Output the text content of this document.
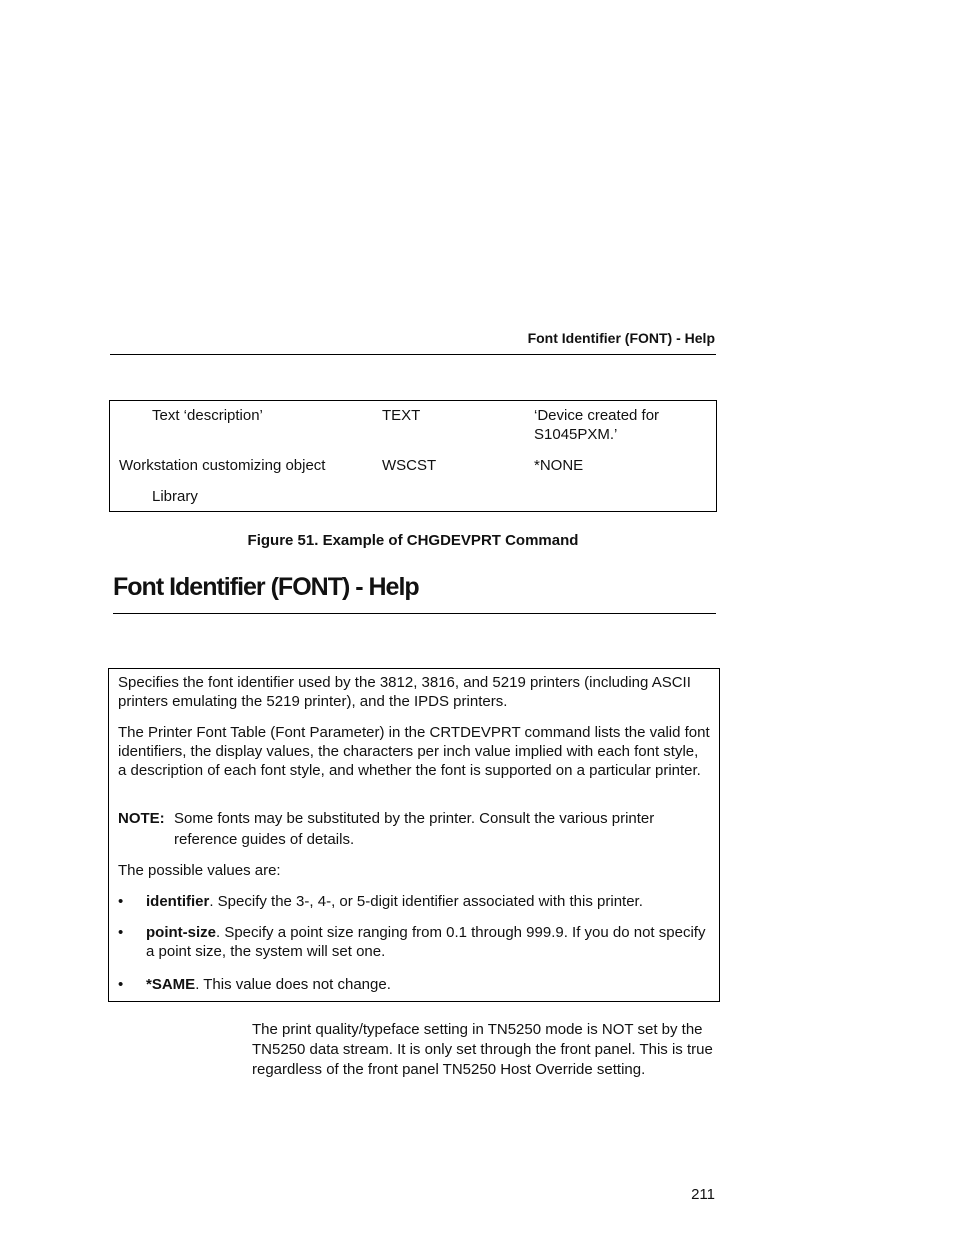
Font Identifier (FONT) - Help
Text ‘description’	TEXT	‘Device created for S1045PXM.’
Workstation customizing object	WSCST	*NONE
Library
Figure 51. Example of CHGDEVPRT Command
Font Identifier (FONT) - Help
Specifies the font identifier used by the 3812, 3816, and 5219 printers (including ASCII printers emulating the 5219 printer), and the IPDS printers.
The Printer Font Table (Font Parameter) in the CRTDEVPRT command lists the valid font identifiers, the display values, the characters per inch value implied with each font style, a description of each font style, and whether the font is supported on a particular printer.
NOTE: Some fonts may be substituted by the printer. Consult the various printer reference guides of details.
The possible values are:
• identifier. Specify the 3-, 4-, or 5-digit identifier associated with this printer.
• point-size. Specify a point size ranging from 0.1 through 999.9. If you do not specify a point size, the system will set one.
• *SAME. This value does not change.
The print quality/typeface setting in TN5250 mode is NOT set by the TN5250 data stream. It is only set through the front panel. This is true regardless of the front panel TN5250 Host Override setting.
211
